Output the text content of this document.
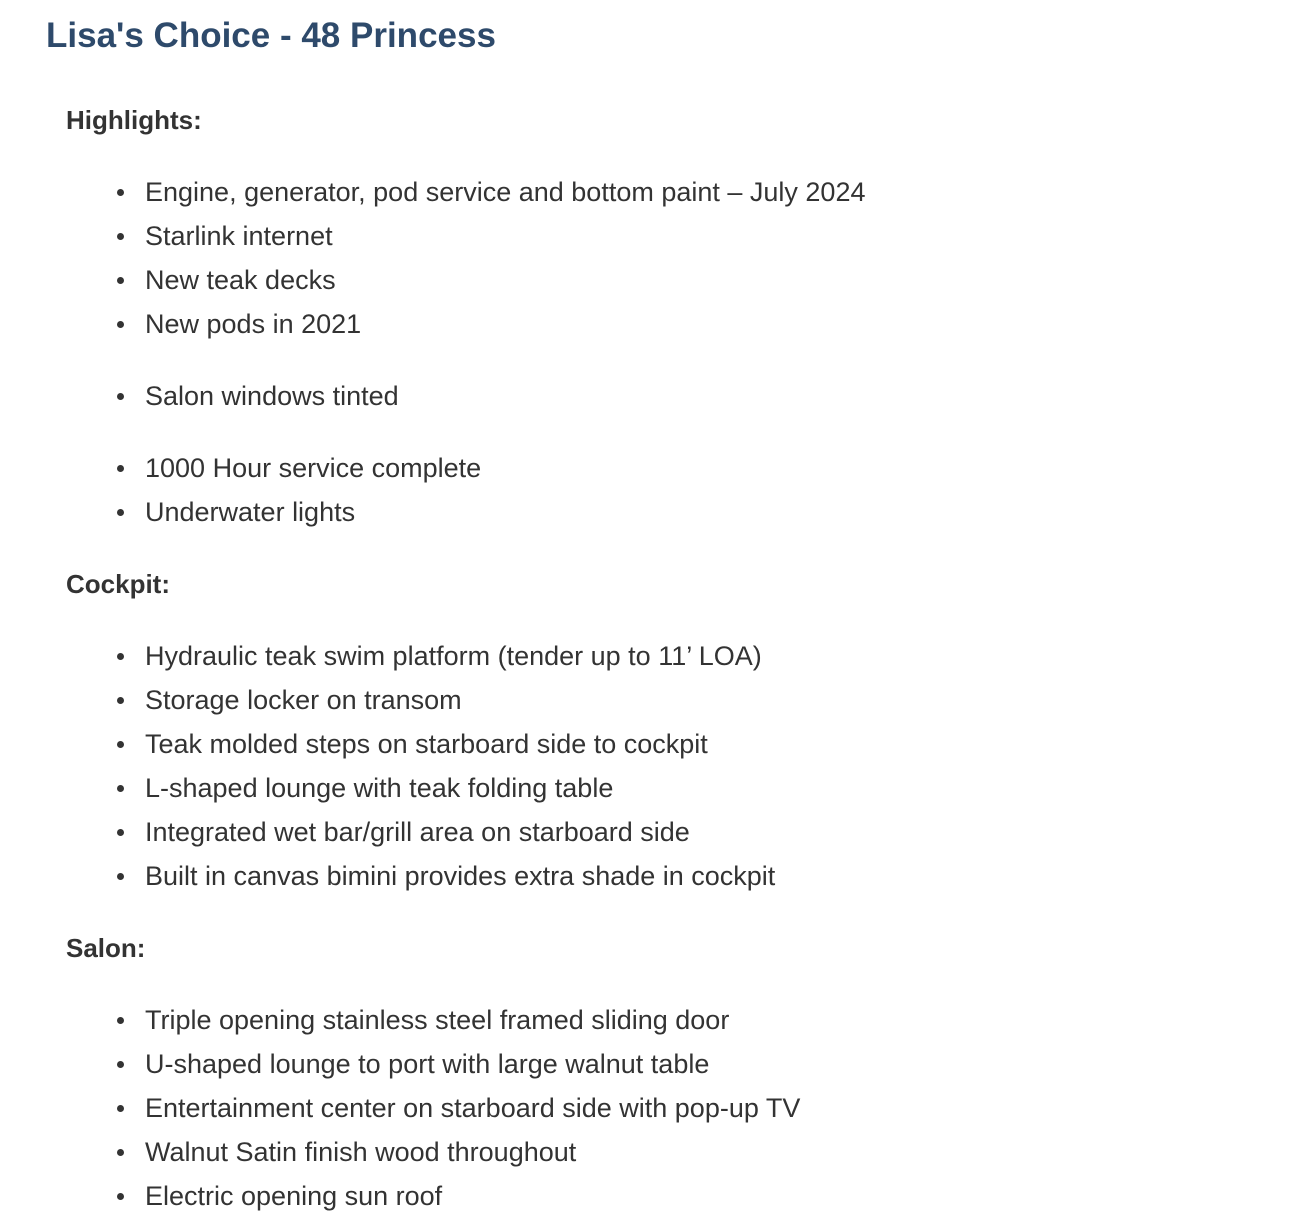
Lisa's Choice - 48 Princess
Highlights:

Engine, generator, pod service and bottom paint – July 2024

Starlink internet

New teak decks

New pods in 2021

Salon windows tinted

1000 Hour service complete

Underwater lights

Cockpit:

Hydraulic teak swim platform (tender up to 11’ LOA)

Storage locker on transom

Teak molded steps on starboard side to cockpit

L-shaped lounge with teak folding table

Integrated wet bar/grill area on starboard side

Built in canvas bimini provides extra shade in cockpit

Salon:

Triple opening stainless steel framed sliding door

U-shaped lounge to port with large walnut table

Entertainment center on starboard side with pop-up TV

Walnut Satin finish wood throughout

Electric opening sun roof
